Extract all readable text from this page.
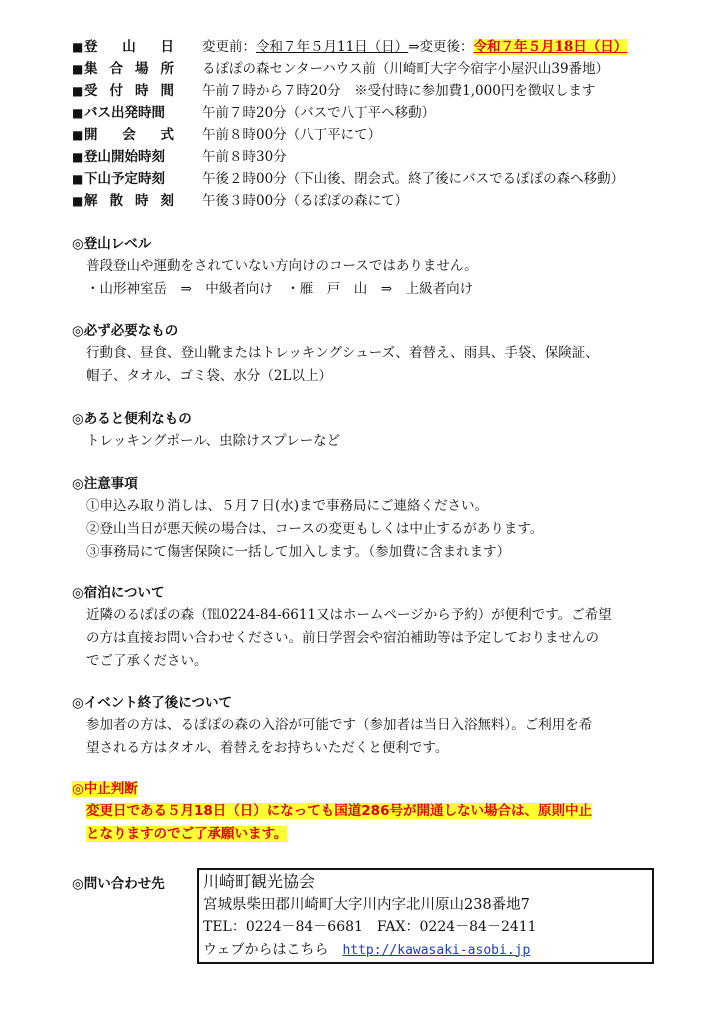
■ 登 山 日 変更前：令和７年５月11日（日）⇒変更後：令和７年５月18日（日）
■ 集 合 場 所 るぽぽの森センターハウス前（川崎町大字今宿字小屋沢山39番地）
■ 受 付 時 間 午前７時から７時20分　※受付時に参加費1,000円を徴収します
■ バス出発時間	午前７時20分（バスで八丁平へ移動）
■ 開 会 式 午前８時00分（八丁平にて）
■ 登山開始時刻	午前８時30分
■ 下山予定時刻	午後２時00分（下山後、閉会式。終了後にバスでるぽぽの森へ移動）
■ 解 散 時 刻 午後３時00分（るぽぽの森にて）
◎登山レベル
普段登山や運動をされていない方向けのコースではありません。
・山形神室岳　⇒　中級者向け　・雁　戸　山　⇒　上級者向け
◎必ず必要なもの
行動食、昼食、登山靴またはトレッキングシューズ、着替え、雨具、手袋、保険証、
帽子、タオル、ゴミ袋、水分（2L以上）
◎あると便利なもの
トレッキングポール、虫除けスプレーなど
◎注意事項
①申込み取り消しは、５月７日(水)まで事務局にご連絡ください。
②登山当日が悪天候の場合は、コースの変更もしくは中止するがあります。
③事務局にて傷害保険に一括して加入します。（参加費に含まれます）
◎宿泊について
近隣のるぽぽの森（℡0224-84-6611又はホームページから予約）が便利です。ご希望
の方は直接お問い合わせください。前日学習会や宿泊補助等は予定しておりませんの
でご了承ください。
◎イベント終了後について
参加者の方は、るぽぽの森の入浴が可能です（参加者は当日入浴無料）。ご利用を希
望される方はタオル、着替えをお持ちいただくと便利です。
◎中止判断
変更日である５月18日（日）になっても国道286号が開通しない場合は、原則中止
となりますのでご了承願います。
◎問い合わせ先 川崎町観光協会
宮城県柴田郡川崎町大字川内字北川原山238番地7
TEL：0224－84－6681　FAX：0224－84－2411
ウェブからはこちら http://kawasaki-asobi.jp
